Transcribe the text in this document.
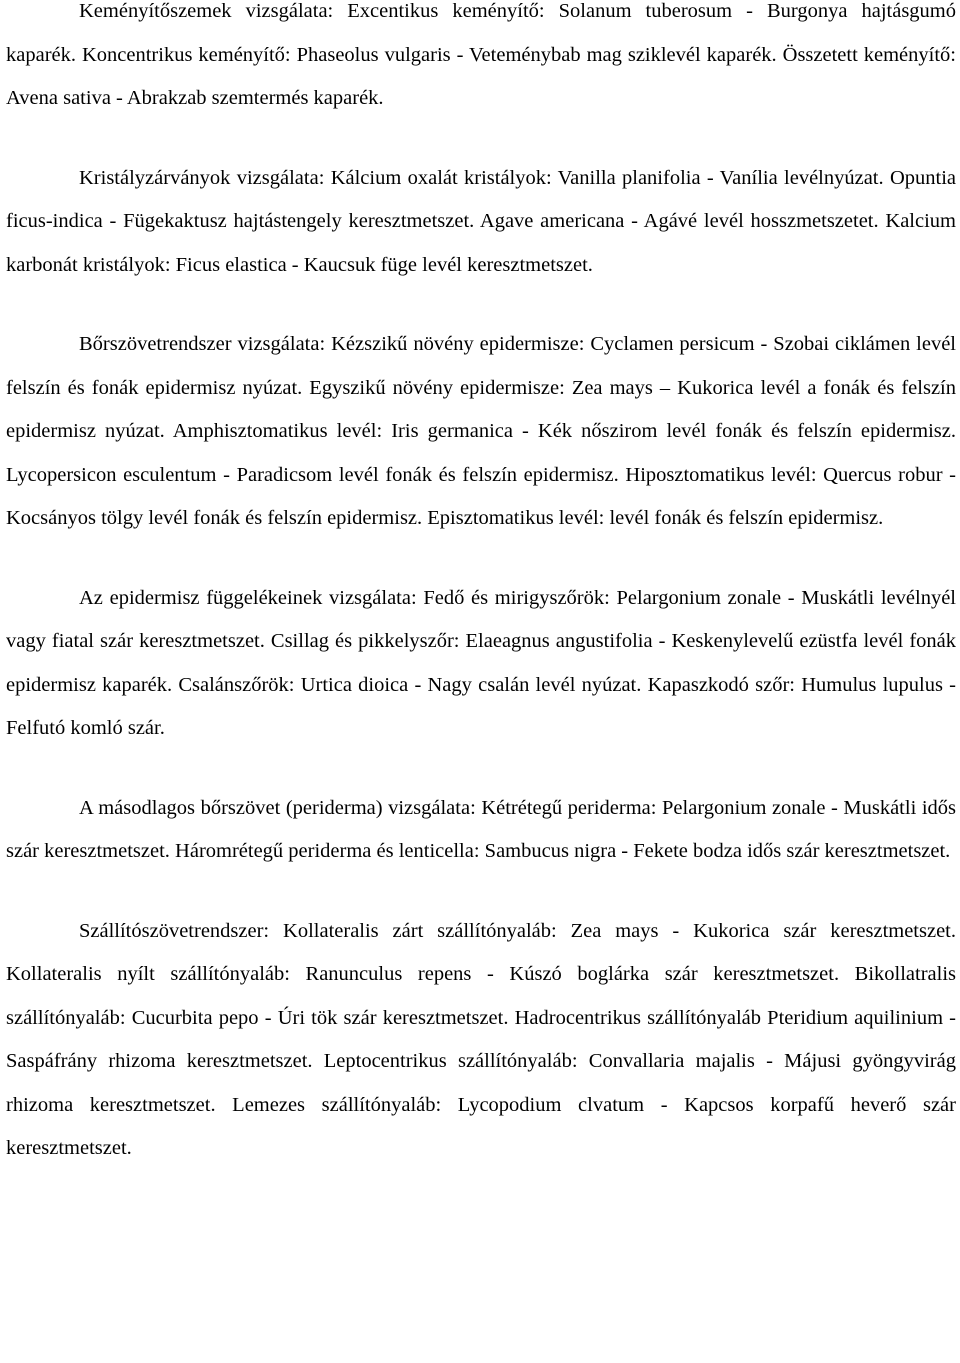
Keményítőszemek vizsgálata: Excentikus keményítő: Solanum tuberosum - Burgonya hajtásgumó kaparék. Koncentrikus keményítő: Phaseolus vulgaris - Veteménybab mag sziklevél kaparék. Összetett keményítő: Avena sativa - Abrakzab szemtermés kaparék.

Kristályzárványok vizsgálata: Kálcium oxalát kristályok: Vanilla planifolia - Vanília levélnyúzat. Opuntia ficus-indica - Fügekaktusz hajtástengely keresztmetszet. Agave americana - Agávé levél hosszmetszetet. Kalcium karbonát kristályok: Ficus elastica - Kaucsuk füge levél keresztmetszet.

Bőrszövetrendszer vizsgálata: Kézszikű növény epidermisze: Cyclamen persicum - Szobai ciklámen levél felszín és fonák epidermisz nyúzat. Egyszikű növény epidermisze: Zea mays – Kukorica levél a fonák és felszín epidermisz nyúzat. Amphisztomatikus levél: Iris germanica - Kék nőszirom levél fonák és felszín epidermisz. Lycopersicon esculentum - Paradicsom levél fonák és felszín epidermisz. Hiposztomatikus levél: Quercus robur - Kocsányos tölgy levél fonák és felszín epidermisz. Episztomatikus levél: levél fonák és felszín epidermisz.

Az epidermisz függelékeinek vizsgálata: Fedő és mirigyszőrök: Pelargonium zonale - Muskátli levélnyél vagy fiatal szár keresztmetszet. Csillag és pikkelyszőr: Elaeagnus angustifolia - Keskenylevelű ezüstfa levél fonák epidermisz kaparék. Csalánszőrök: Urtica dioica - Nagy csalán levél nyúzat. Kapaszkodó szőr: Humulus lupulus - Felfutó komló szár.

A másodlagos bőrszövet (periderma) vizsgálata: Kétrétegű periderma: Pelargonium zonale - Muskátli idős szár keresztmetszet. Háromrétegű periderma és lenticella: Sambucus nigra - Fekete bodza idős szár keresztmetszet.

Szállítószövetrendszer: Kollateralis zárt szállítónyaláb: Zea mays - Kukorica szár keresztmetszet. Kollateralis nyílt szállítónyaláb: Ranunculus repens - Kúszó boglárka szár keresztmetszet. Bikollatralis szállítónyaláb: Cucurbita pepo - Úri tök szár keresztmetszet. Hadrocentrikus szállítónyaláb Pteridium aquilinium - Saspáfrány rhizoma keresztmetszet. Leptocentrikus szállítónyaláb: Convallaria majalis - Májusi gyöngyvirág rhizoma keresztmetszet. Lemezes szállítónyaláb: Lycopodium clvatum - Kapcsos korpafű heverő szár keresztmetszet.
